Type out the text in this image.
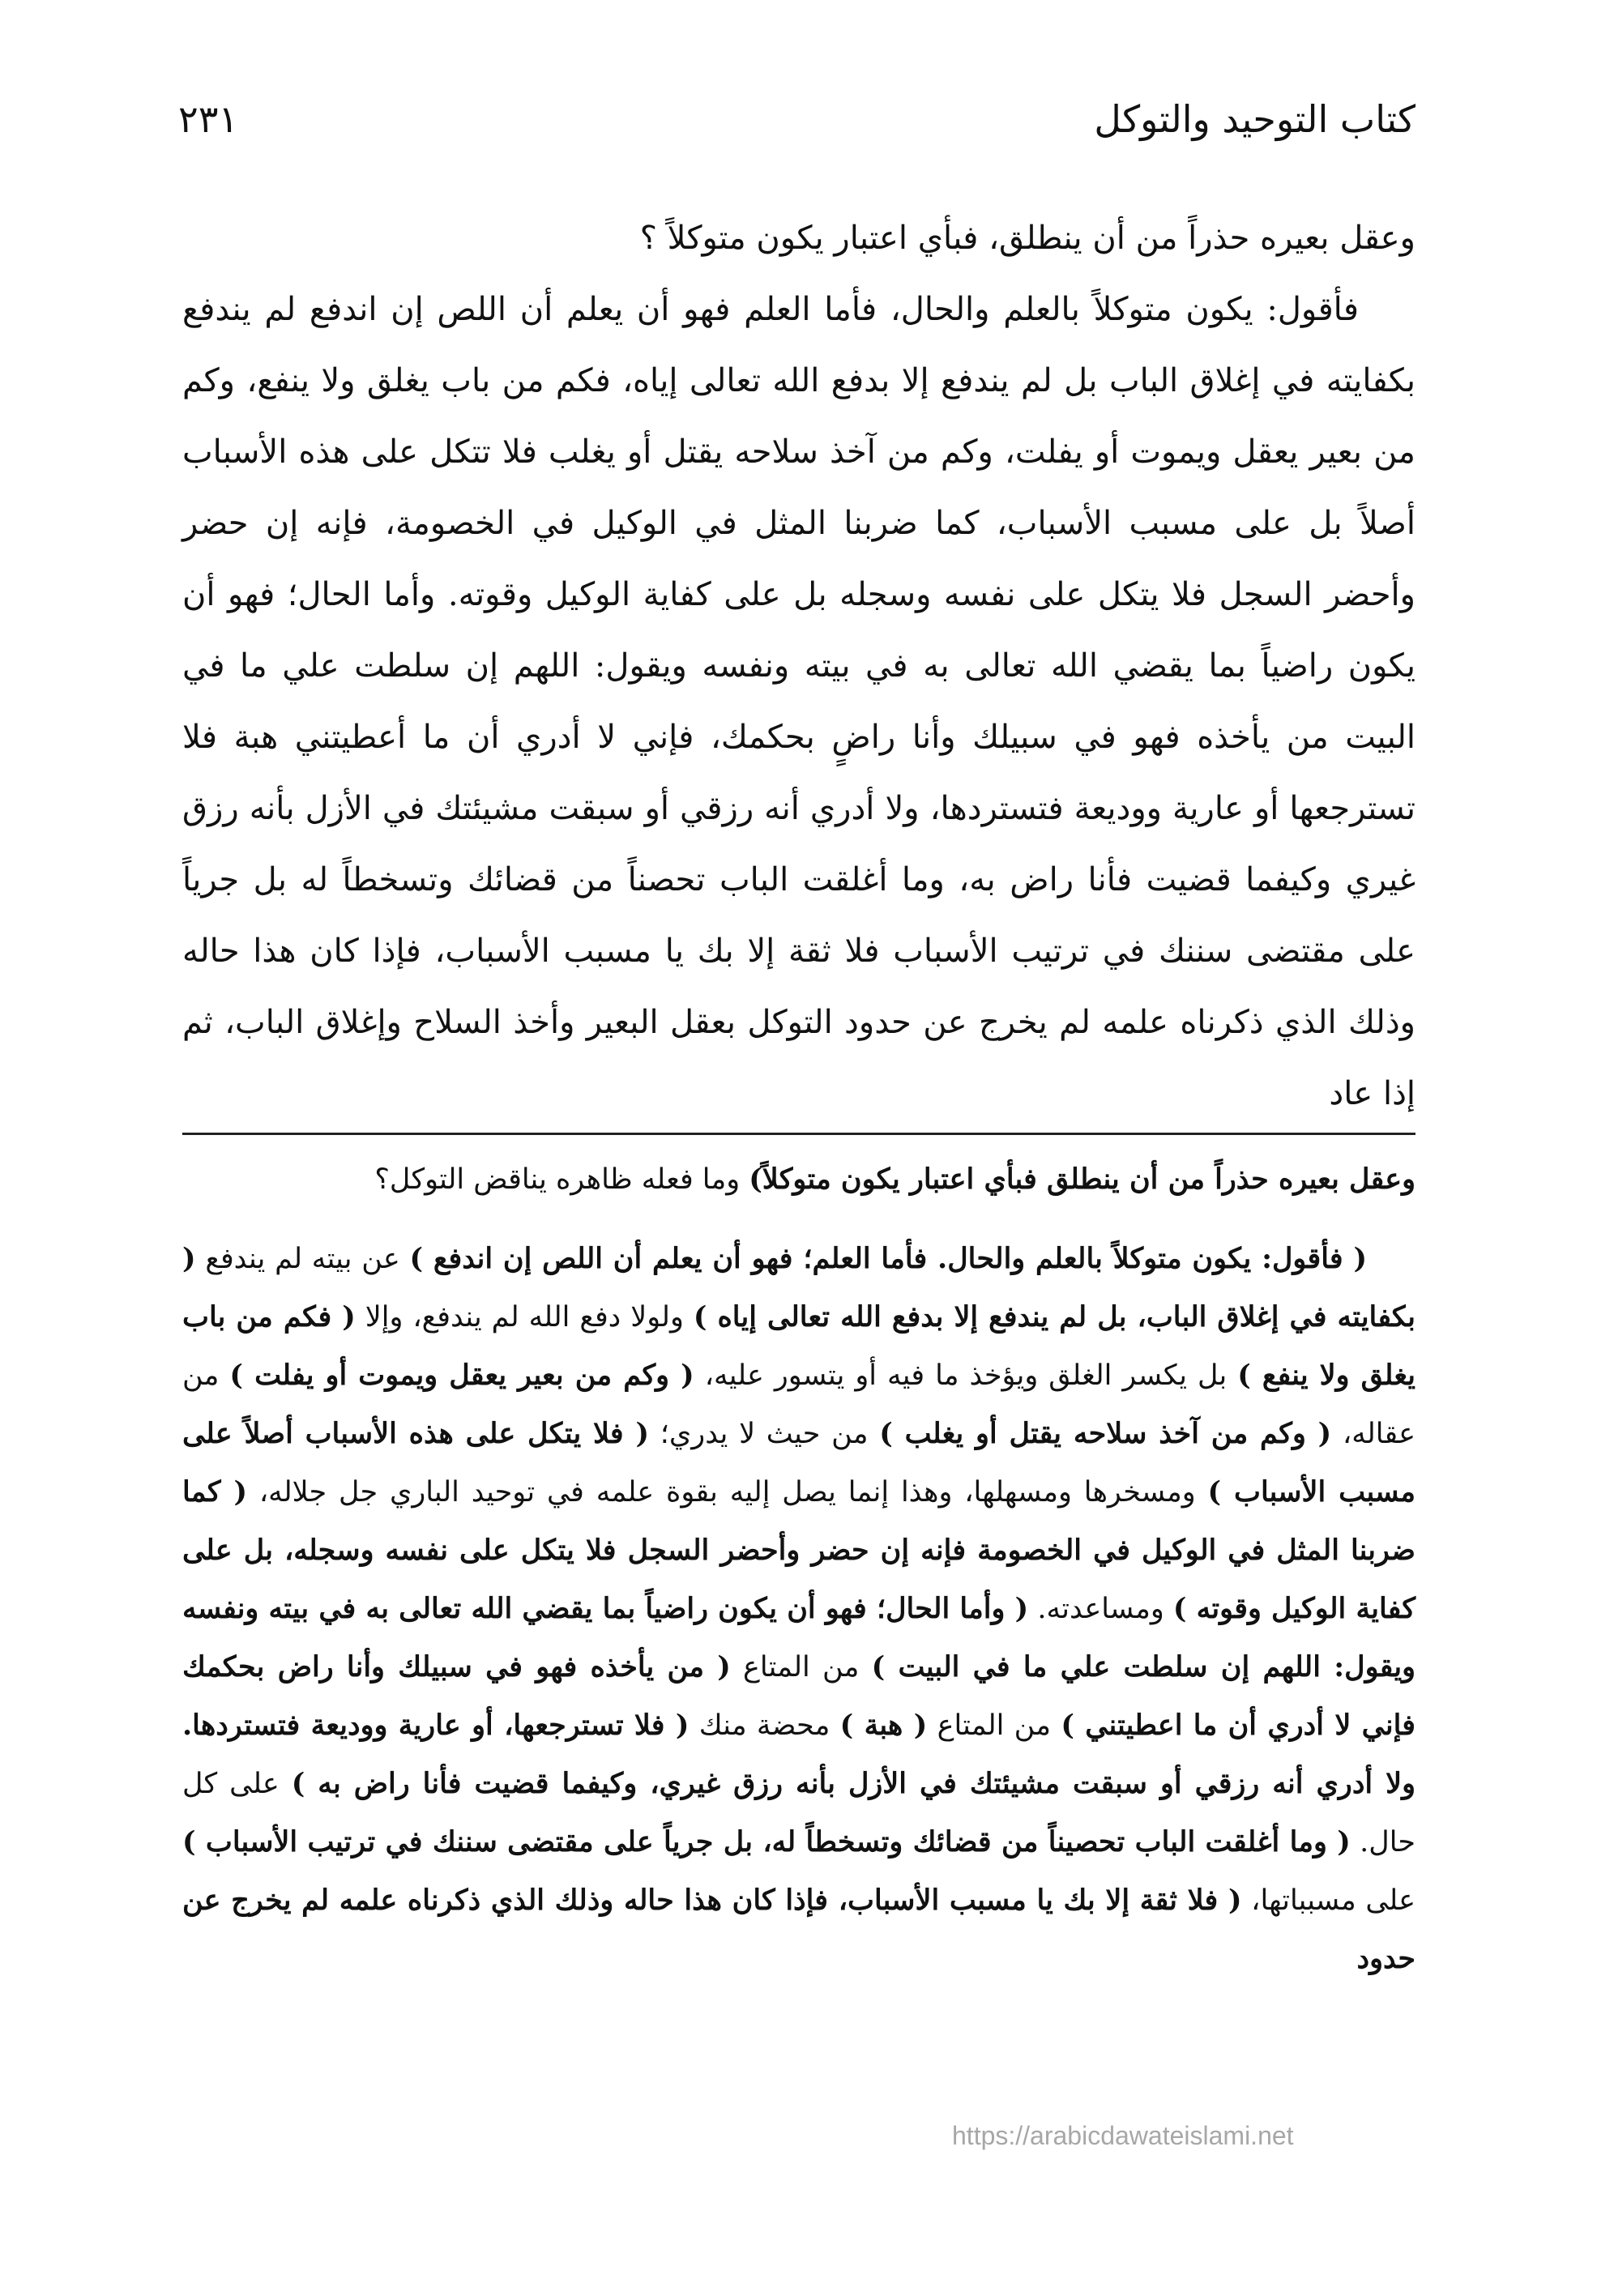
كتاب التوحيد والتوكل
٢٣١

وعقل بعيره حذراً من أن ينطلق، فبأي اعتبار يكون متوكلاً ؟

فأقول: يكون متوكلاً بالعلم والحال، فأما العلم فهو أن يعلم أن اللص إن اندفع لم يندفع بكفايته في إغلاق الباب بل لم يندفع إلا بدفع الله تعالى إياه، فكم من باب يغلق ولا ينفع، وكم من بعير يعقل ويموت أو يفلت، وكم من آخذ سلاحه يقتل أو يغلب فلا تتكل على هذه الأسباب أصلاً بل على مسبب الأسباب، كما ضربنا المثل في الوكيل في الخصومة، فإنه إن حضر وأحضر السجل فلا يتكل على نفسه وسجله بل على كفاية الوكيل وقوته. وأما الحال؛ فهو أن يكون راضياً بما يقضي الله تعالى به في بيته ونفسه ويقول: اللهم إن سلطت علي ما في البيت من يأخذه فهو في سبيلك وأنا راضٍ بحكمك، فإني لا أدري أن ما أعطيتني هبة فلا تسترجعها أو عارية ووديعة فتستردها، ولا أدري أنه رزقي أو سبقت مشيئتك في الأزل بأنه رزق غيري وكيفما قضيت فأنا راض به، وما أغلقت الباب تحصناً من قضائك وتسخطاً له بل جرياً على مقتضى سننك في ترتيب الأسباب فلا ثقة إلا بك يا مسبب الأسباب، فإذا كان هذا حاله وذلك الذي ذكرناه علمه لم يخرج عن حدود التوكل بعقل البعير وأخذ السلاح وإغلاق الباب، ثم إذا عاد

وعقل بعيره حذراً من أن ينطلق فبأي اعتبار يكون متوكلاً) وما فعله ظاهره يناقض التوكل؟

( فأقول: يكون متوكلاً بالعلم والحال. فأما العلم؛ فهو أن يعلم أن اللص إن اندفع ) عن بيته لم يندفع ( بكفايته في إغلاق الباب، بل لم يندفع إلا بدفع الله تعالى إياه ) ولولا دفع الله لم يندفع، وإلا ( فكم من باب يغلق ولا ينفع ) بل يكسر الغلق ويؤخذ ما فيه أو يتسور عليه، ( وكم من بعير يعقل ويموت أو يفلت ) من عقاله، ( وكم من آخذ سلاحه يقتل أو يغلب ) من حيث لا يدري؛ ( فلا يتكل على هذه الأسباب أصلاً على مسبب الأسباب ) ومسخرها ومسهلها، وهذا إنما يصل إليه بقوة علمه في توحيد الباري جل جلاله، ( كما ضربنا المثل في الوكيل في الخصومة فإنه إن حضر وأحضر السجل فلا يتكل على نفسه وسجله، بل على كفاية الوكيل وقوته ) ومساعدته. ( وأما الحال؛ فهو أن يكون راضياً بما يقضي الله تعالى به في بيته ونفسه ويقول: اللهم إن سلطت علي ما في البيت ) من المتاع ( من يأخذه فهو في سبيلك وأنا راض بحكمك فإني لا أدري أن ما اعطيتني ) من المتاع ( هبة ) محضة منك ( فلا تسترجعها، أو عارية ووديعة فتستردها. ولا أدري أنه رزقي أو سبقت مشيئتك في الأزل بأنه رزق غيري، وكيفما قضيت فأنا راض به ) على كل حال. ( وما أغلقت الباب تحصيناً من قضائك وتسخطاً له، بل جرياً على مقتضى سننك في ترتيب الأسباب ) على مسبباتها، ( فلا ثقة إلا بك يا مسبب الأسباب، فإذا كان هذا حاله وذلك الذي ذكرناه علمه لم يخرج عن حدود

https://arabicdawateislami.net
